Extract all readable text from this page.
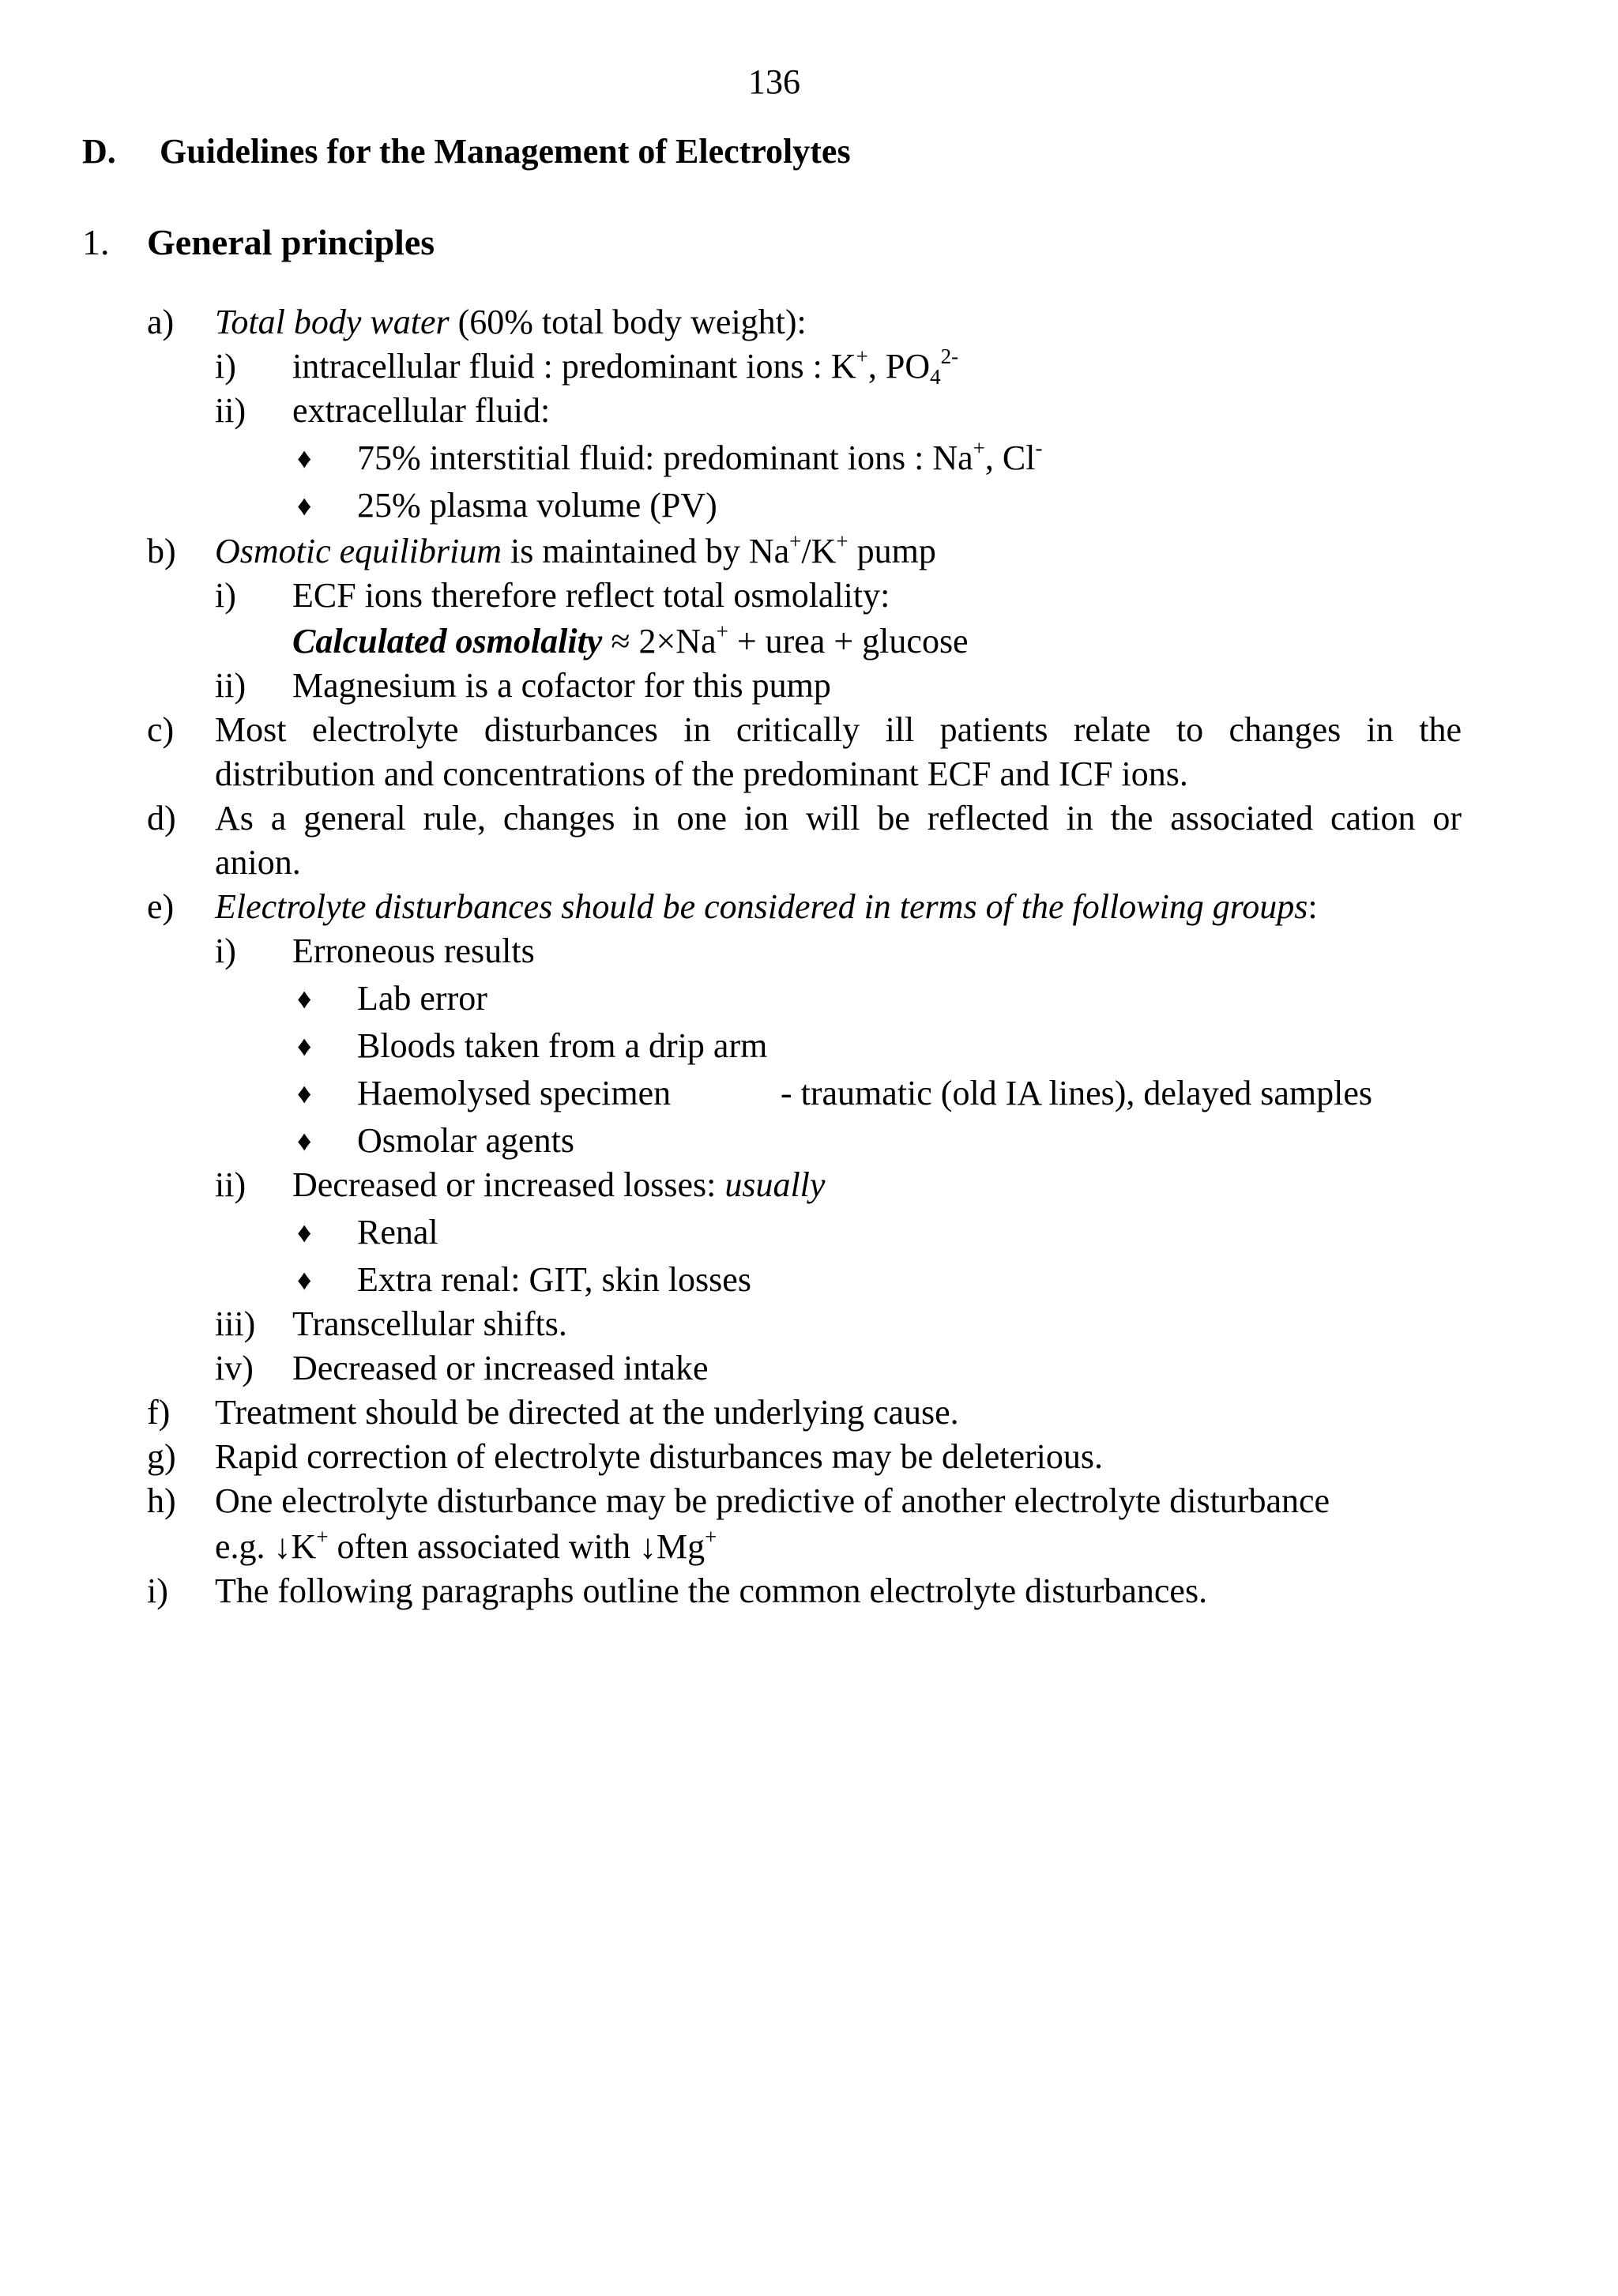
136
D. Guidelines for the Management of Electrolytes
1. General principles
a) Total body water (60% total body weight):
i) intracellular fluid : predominant ions : K+, $PO_4^{2-}$
ii) extracellular fluid:
♦ 75% interstitial fluid: predominant ions : Na+, Cl-
♦ 25% plasma volume (PV)
b) Osmotic equilibrium is maintained by Na+/K+ pump
i) ECF ions therefore reflect total osmolality:
Calculated osmolality ≈ 2×Na+ + urea + glucose
ii) Magnesium is a cofactor for this pump
c) Most electrolyte disturbances in critically ill patients relate to changes in the
distribution and concentrations of the predominant ECF and ICF ions.
d) As a general rule, changes in one ion will be reflected in the associated cation or
anion.
e) Electrolyte disturbances should be considered in terms of the following groups:
i) Erroneous results
♦ Lab error
♦ Bloods taken from a drip arm
♦ Haemolysed specimen	- traumatic (old IA lines), delayed samples
♦ Osmolar agents
ii) Decreased or increased losses: usually
♦ Renal
♦ Extra renal: GIT, skin losses
iii) Transcellular shifts.
iv) Decreased or increased intake
f) Treatment should be directed at the underlying cause.
g) Rapid correction of electrolyte disturbances may be deleterious.
h) One electrolyte disturbance may be predictive of another electrolyte disturbance
e.g. ↓K+ often associated with ↓Mg+
i) The following paragraphs outline the common electrolyte disturbances.
